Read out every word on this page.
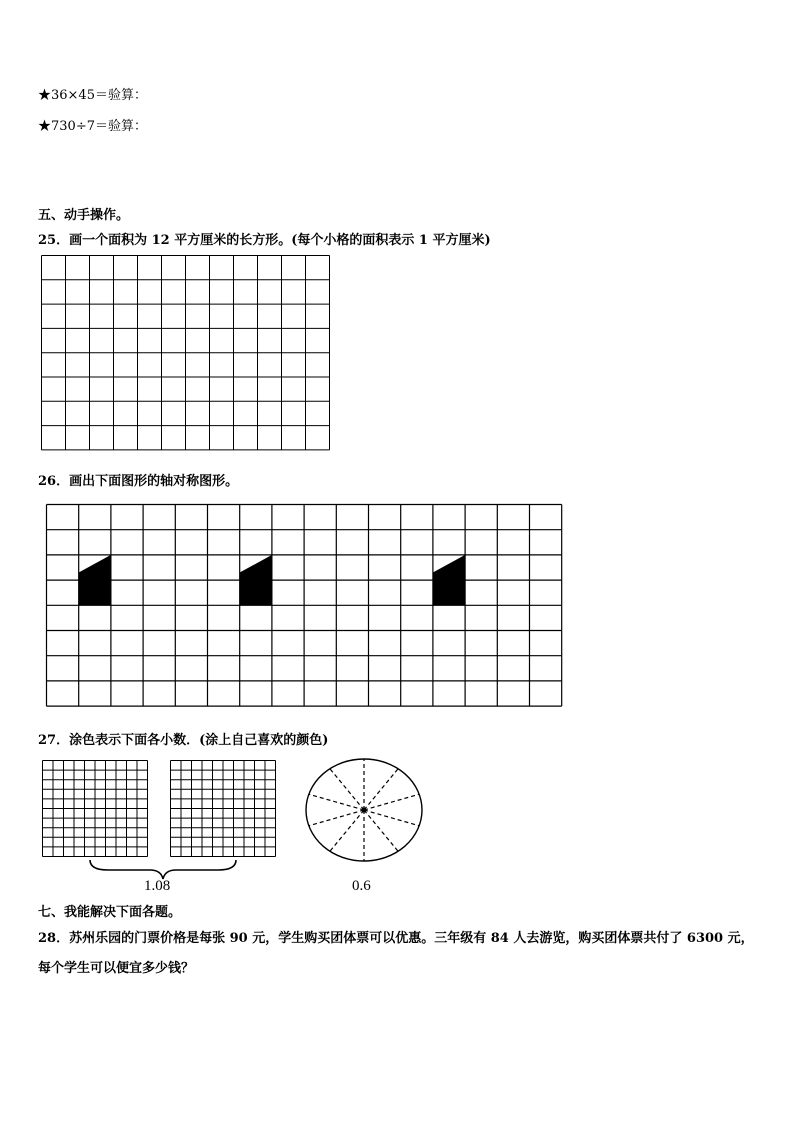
★36×45＝验算：
★730÷7＝验算：
五、动手操作。
25．画一个面积为 12 平方厘米的长方形。(每个小格的面积表示 1 平方厘米)
26．画出下面图形的轴对称图形。
27．涂色表示下面各小数．(涂上自己喜欢的颜色)
1.08	0.6
七、我能解决下面各题。
28．苏州乐园的门票价格是每张 90 元，学生购买团体票可以优惠。三年级有 84 人去游览，购买团体票共付了 6300 元，
每个学生可以便宜多少钱？
